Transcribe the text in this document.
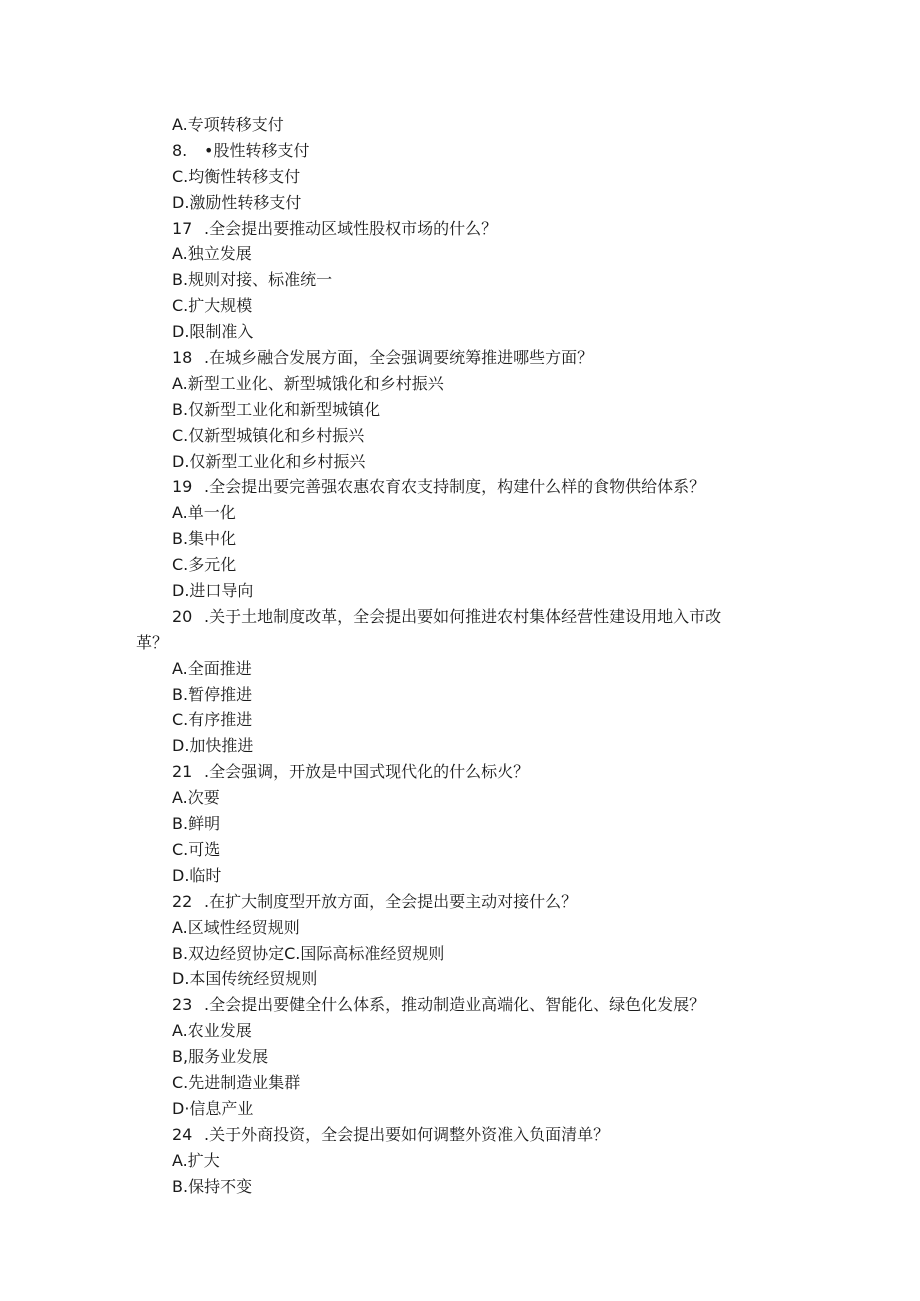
A.专项转移支付
8. •股性转移支付
C.均衡性转移支付
D.激励性转移支付
17 .全会提出要推动区域性股权市场的什么？
A.独立发展
B.规则对接、标准统一
C.扩大规模
D.限制准入
18 .在城乡融合发展方面，全会强调要统筹推进哪些方面？
A.新型工业化、新型城饿化和乡村振兴
B.仅新型工业化和新型城镇化
C.仅新型城镇化和乡村振兴
D.仅新型工业化和乡村振兴
19 .全会提出要完善强农惠农育农支持制度，构建什么样的食物供给体系？
A.单一化
B.集中化
C.多元化
D.进口导向
20 .关于土地制度改革，全会提出要如何推进农村集体经营性建设用地入市改
革？
A.全面推进
B.暂停推进
C.有序推进
D.加快推进
21 .全会强调，开放是中国式现代化的什么标火？
A.次要
B.鲜明
C.可选
D.临时
22 .在扩大制度型开放方面，全会提出要主动对接什么？
A.区域性经贸规则
B.双边经贸协定C.国际高标准经贸规则
D.本国传统经贸规则
23 .全会提出要健全什么体系，推动制造业高端化、智能化、绿色化发展？
A.农业发展
B,服务业发展
C.先进制造业集群
D·信息产业
24 .关于外商投资，全会提出要如何调整外资准入负面清单？
A.扩大
B.保持不变
